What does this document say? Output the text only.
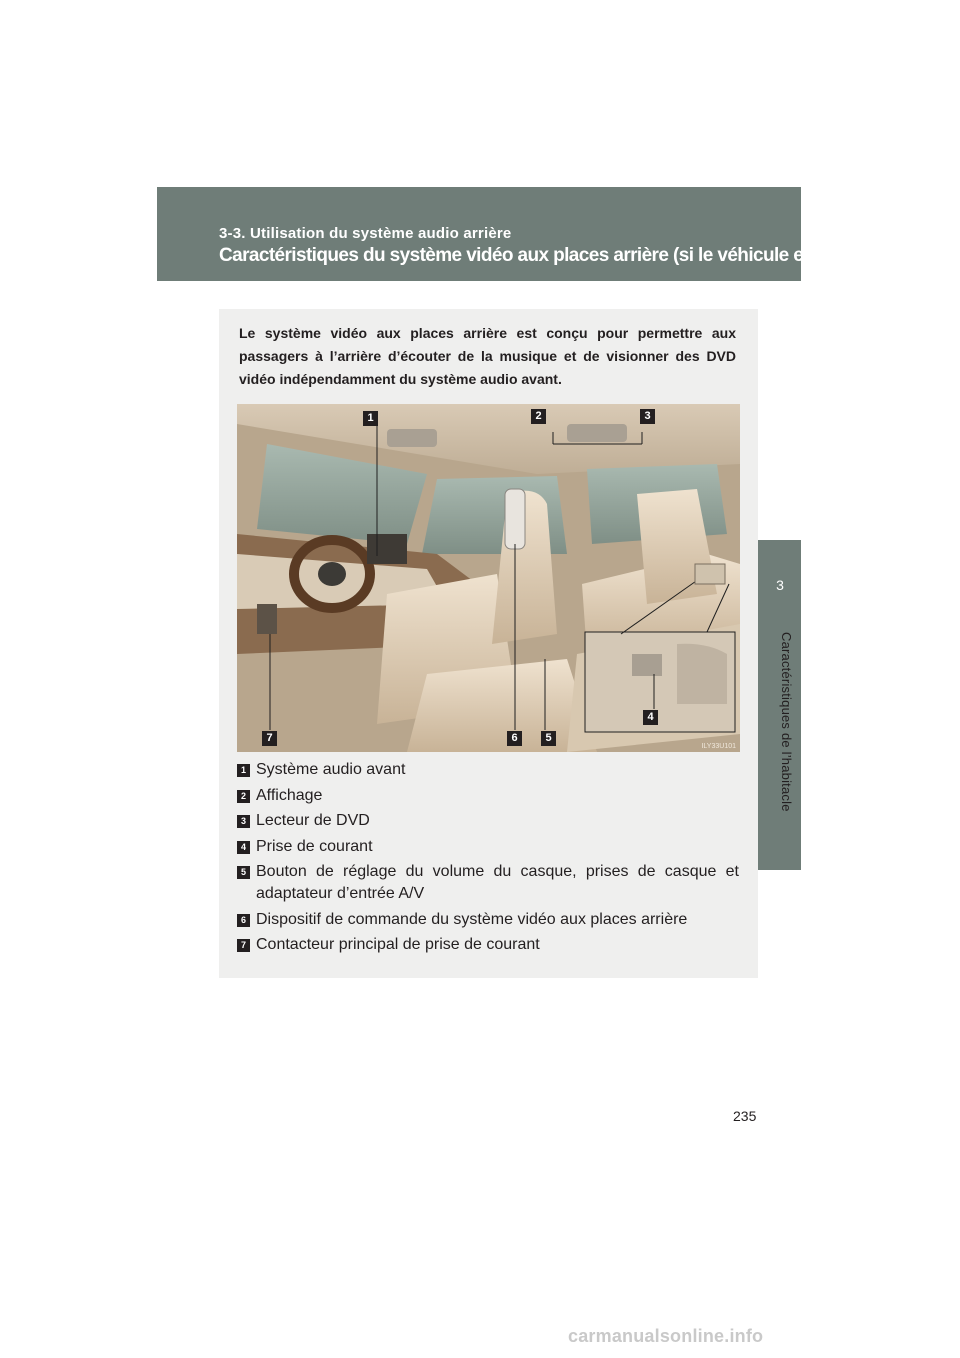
3-3. Utilisation du système audio arrière
Caractéristiques du système vidéo aux places arrière (si le véhicule en est doté)
3
Caractéristiques de l’habitacle
Le système vidéo aux places arrière est conçu pour permettre aux passagers à l’arrière d’écouter de la musique et de visionner des DVD vidéo indépendamment du système audio avant.
1	2	3
4
5
6
7
ILY33U101
1 Système audio avant
2 Affichage
3 Lecteur de DVD
4 Prise de courant
5 Bouton de réglage du volume du casque, prises de casque et adaptateur d’entrée A/V
6 Dispositif de commande du système vidéo aux places arrière
7 Contacteur principal de prise de courant
235
carmanualsonline.info
